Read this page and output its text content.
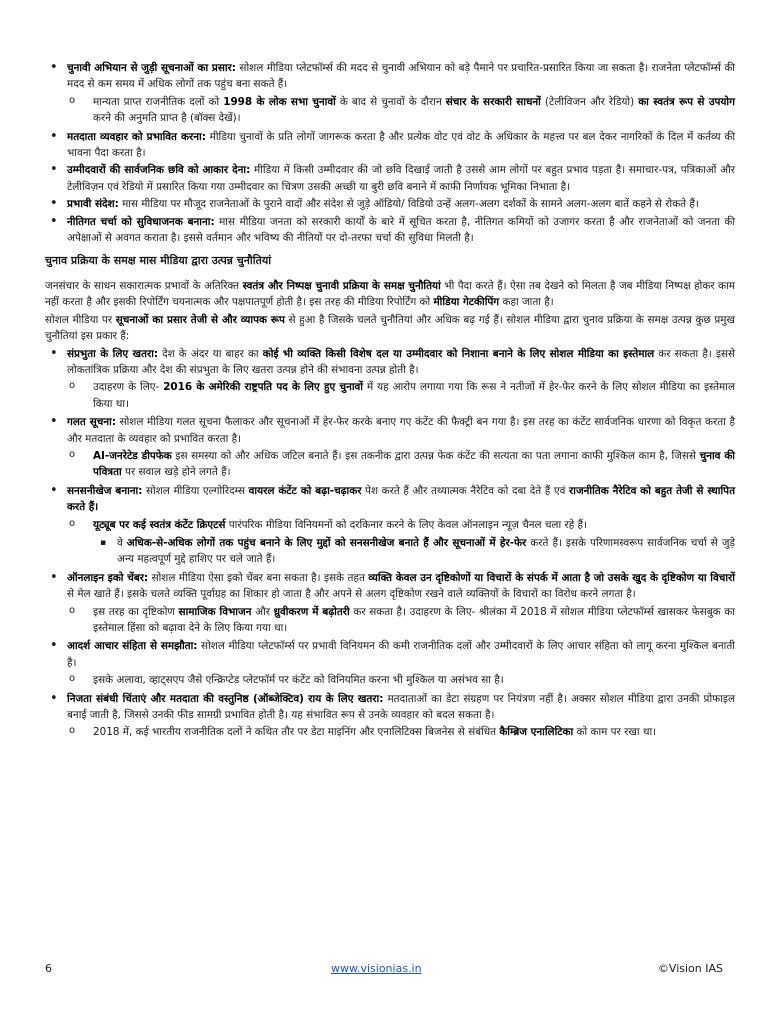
• चुनावी अभियान से जुड़ी सूचनाओं का प्रसार: सोशल मीडिया प्लेटफॉर्म्स की मदद से चुनावी अभियान को बड़े पैमाने पर प्रचारित-प्रसारित किया जा सकता है। राजनेता प्लेटफॉर्म्स की मदद से कम समय में अधिक लोगों तक पहुंच बना सकते हैं।
o मान्यता प्राप्त राजनीतिक दलों को 1998 के लोक सभा चुनावों के बाद से चुनावों के दौरान संचार के सरकारी साधनों (टेलीविजन और रेडियो) का स्वतंत्र रूप से उपयोग करने की अनुमति प्राप्त है (बॉक्स देखें)।
• मतदाता व्यवहार को प्रभावित करना: मीडिया चुनावों के प्रति लोगों जागरूक करता है और प्रत्येक वोट एवं वोट के अधिकार के महत्त्व पर बल देकर नागरिकों के दिल में कर्तव्य की भावना पैदा करता है।
• उम्मीदवारों की सार्वजनिक छवि को आकार देना: मीडिया में किसी उम्मीदवार की जो छवि दिखाई जाती है उससे आम लोगों पर बहुत प्रभाव पड़ता है। समाचार-पत्र, पत्रिकाओं और टेलीविज़न एवं रेडियो में प्रसारित किया गया उम्मीदवार का चित्रण उसकी अच्छी या बुरी छवि बनाने में काफी निर्णायक भूमिका निभाता है।
• प्रभावी संदेश: मास मीडिया पर मौजूद राजनेताओं के पुराने वादों और संदेश से जुड़े ऑडियो/ विडियो उन्हें अलग-अलग दर्शकों के सामने अलग-अलग बातें कहने से रोकते हैं।
• नीतिगत चर्चा को सुविधाजनक बनाना: मास मीडिया जनता को सरकारी कार्यों के बारे में सूचित करता है, नीतिगत कमियों को उजागर करता है और राजनेताओं को जनता की अपेक्षाओं से अवगत कराता है। इससे वर्तमान और भविष्य की नीतियों पर दो-तरफा चर्चा की सुविधा मिलती है।
चुनाव प्रक्रिया के समक्ष मास मीडिया द्वारा उत्पन्न चुनौतियां

जनसंचार के साधन सकारात्मक प्रभावों के अतिरिक्त स्वतंत्र और निष्पक्ष चुनावी प्रक्रिया के समक्ष चुनौतियां भी पैदा करते हैं। ऐसा तब देखने को मिलता है जब मीडिया निष्पक्ष होकर काम नहीं करता है और इसकी रिपोर्टिंग चयनात्मक और पक्षपातपूर्ण होती है। इस तरह की मीडिया रिपोर्टिंग को मीडिया गेटकीपिंग कहा जाता है।

सोशल मीडिया पर सूचनाओं का प्रसार तेजी से और व्यापक रूप से हुआ है जिसके चलते चुनौतियां और अधिक बढ़ गई हैं। सोशल मीडिया द्वारा चुनाव प्रक्रिया के समक्ष उत्पन्न कुछ प्रमुख चुनौतियां इस प्रकार हैं:

• संप्रभुता के लिए खतरा: देश के अंदर या बाहर का कोई भी व्यक्ति किसी विशेष दल या उम्मीदवार को निशाना बनाने के लिए सोशल मीडिया का इस्तेमाल कर सकता है। इससे लोकतांत्रिक प्रक्रिया और देश की संप्रभुता के लिए खतरा उत्पन्न होने की संभावना उत्पन्न होती है।
o उदाहरण के लिए- 2016 के अमेरिकी राष्ट्रपति पद के लिए हुए चुनावों में यह आरोप लगाया गया कि रूस ने नतीजों में हेर-फेर करने के लिए सोशल मीडिया का इस्तेमाल किया था।
• गलत सूचना: सोशल मीडिया गलत सूचना फैलाकर और सूचनाओं में हेर-फेर करके बनाए गए कंटेंट की फैक्ट्री बन गया है। इस तरह का कंटेंट सार्वजनिक धारणा को विकृत करता है और मतदाता के व्यवहार को प्रभावित करता है।
o AI-जनरेटेड डीपफेक इस समस्या को और अधिक जटिल बनाते हैं। इस तकनीक द्वारा उत्पन्न फेक कंटेंट की सत्यता का पता लगाना काफी मुश्किल काम है, जिससे चुनाव की पवित्रता पर सवाल खड़े होने लगते हैं।
• सनसनीखेज बनाना: सोशल मीडिया एल्गोरिदम्स वायरल कंटेंट को बढ़ा-चढ़ाकर पेश करते हैं और तथ्यात्मक नैरेटिव को दबा देते हैं एवं राजनीतिक नैरेटिव को बहुत तेजी से स्थापित करते हैं।
o यूट्यूब पर कई स्वतंत्र कंटेंट क्रिएटर्स पारंपरिक मीडिया विनियमनों को दरकिनार करने के लिए केवल ऑनलाइन न्यूज़ चैनल चला रहे हैं।
▪ वे अधिक-से-अधिक लोगों तक पहुंच बनाने के लिए मुद्दों को सनसनीखेज बनाते हैं और सूचनाओं में हेर-फेर करते हैं। इसके परिणामस्वरूप सार्वजनिक चर्चा से जुड़े अन्य महत्वपूर्ण मुद्दे हाशिए पर चले जाते हैं।
• ऑनलाइन इको चेंबर: सोशल मीडिया ऐसा इको चेंबर बना सकता है। इसके तहत व्यक्ति केवल उन दृष्टिकोणों या विचारों के संपर्क में आता है जो उसके खुद के दृष्टिकोण या विचारों से मेल खाते हैं। इसके चलते व्यक्ति पूर्वाग्रह का शिकार हो जाता है और अपने से अलग दृष्टिकोण रखने वाले व्यक्तियों के विचारों का विरोध करने लगता है।
o इस तरह का दृष्टिकोण सामाजिक विभाजन और ध्रुवीकरण में बढ़ोतरी कर सकता है। उदाहरण के लिए- श्रीलंका में 2018 में सोशल मीडिया प्लेटफॉर्म्स खासकर फेसबुक का इस्तेमाल हिंसा को बढ़ावा देने के लिए किया गया था।
• आदर्श आचार संहिता से समझौता: सोशल मीडिया प्लेटफॉर्म्स पर प्रभावी विनियमन की कमी राजनीतिक दलों और उम्मीदवारों के लिए आचार संहिता को लागू करना मुश्किल बनाती है।
o इसके अलावा, व्हाट्सएप जैसे एन्क्रिप्टेड प्लेटफॉर्म पर कंटेंट को विनियमित करना भी मुश्किल या असंभव सा है।
• निजता संबंधी चिंताएं और मतदाता की वस्तुनिष्ठ (ऑब्जेक्टिव) राय के लिए खतरा: मतदाताओं का डेटा संग्रहण पर नियंत्रण नहीं है। अक्सर सोशल मीडिया द्वारा उनकी प्रोफाइल बनाई जाती है, जिससे उनकी फीड सामग्री प्रभावित होती है। यह संभावित रूप से उनके व्यवहार को बदल सकता है।
o 2018 में, कई भारतीय राजनीतिक दलों ने कथित तौर पर डेटा माइनिंग और एनालिटिक्स बिजनेस से संबंधित कैम्ब्रिज एनालिटिका को काम पर रखा था।
6	www.visionias.in	©Vision IAS
